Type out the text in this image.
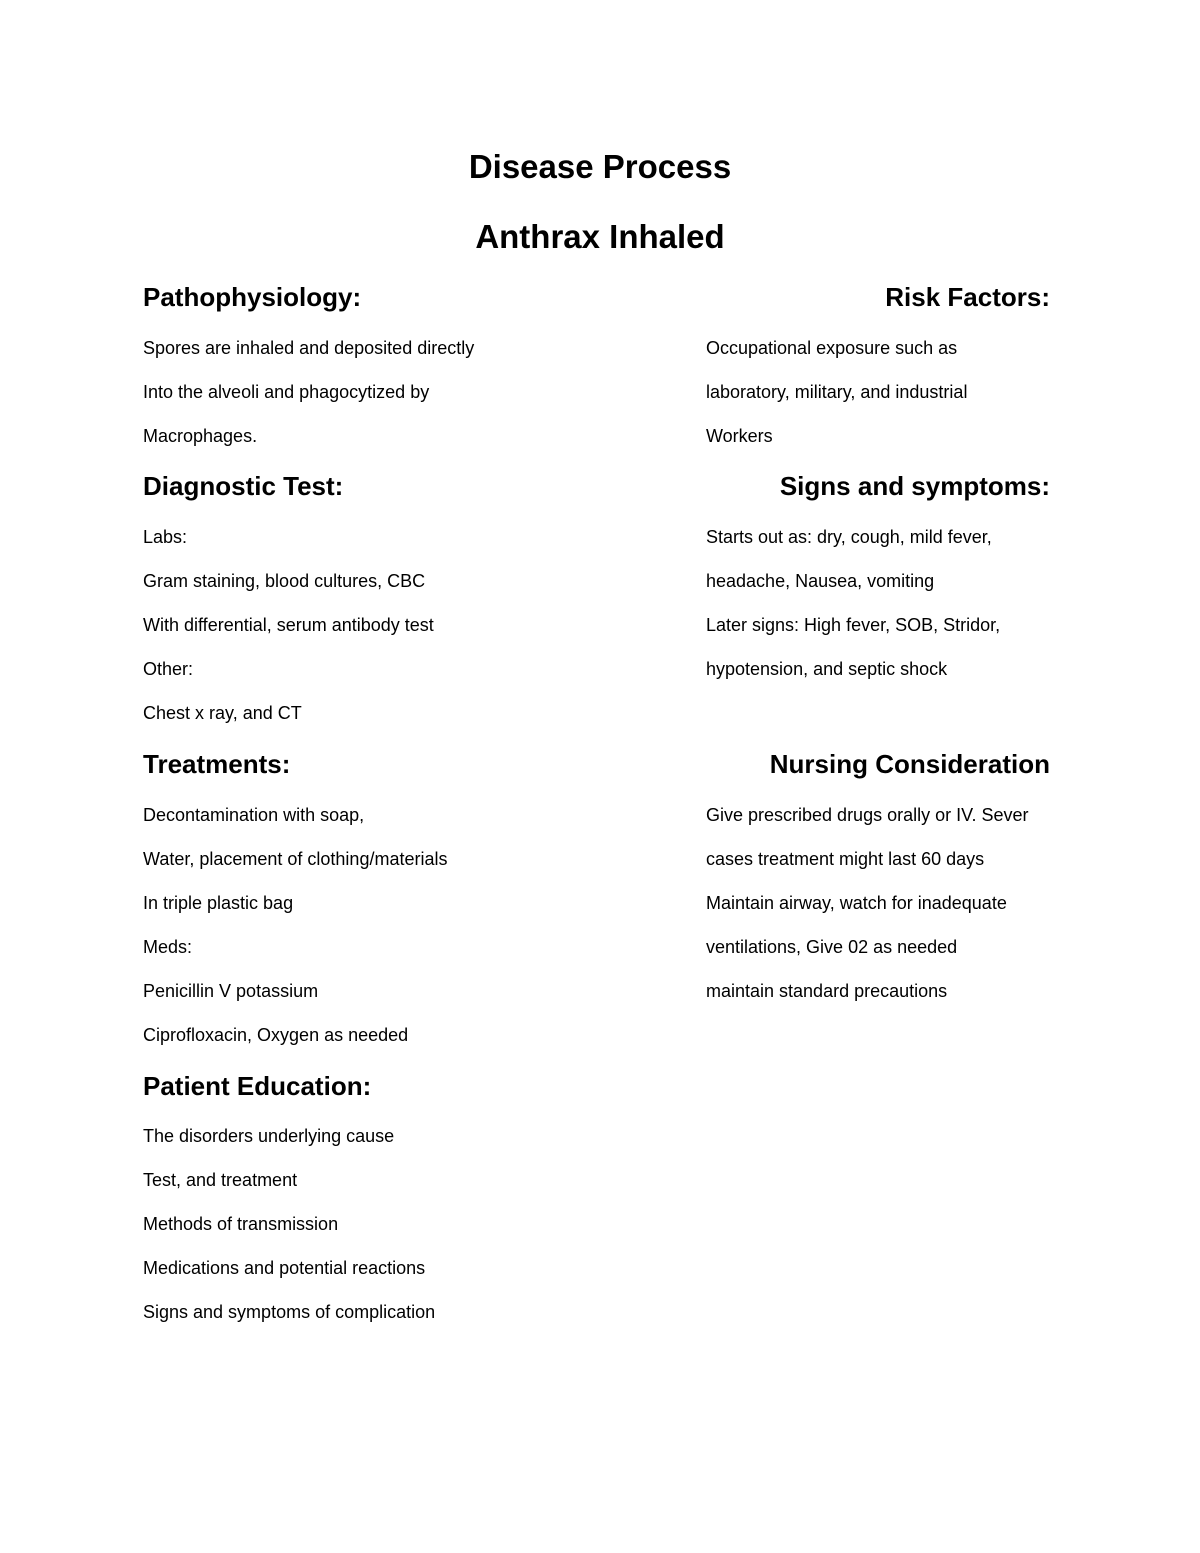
Disease Process
Anthrax Inhaled
Pathophysiology:
Spores are inhaled and deposited directly
Into the alveoli and phagocytized by
Macrophages.
Risk Factors:
Occupational exposure such as
laboratory, military, and industrial
Workers
Diagnostic Test:
Labs:
Gram staining, blood cultures, CBC
With differential, serum antibody test
Other:
Chest x ray, and CT
Signs and symptoms:
Starts out as: dry, cough, mild fever,
headache, Nausea, vomiting
Later signs: High fever, SOB, Stridor,
hypotension, and septic shock
Treatments:
Decontamination with soap,
Water, placement of clothing/materials
In triple plastic bag
Meds:
Penicillin V potassium
Ciprofloxacin, Oxygen as needed
Nursing Consideration
Give prescribed drugs orally or IV. Sever
cases treatment might last 60 days
Maintain airway, watch for inadequate
ventilations, Give 02 as needed
maintain standard precautions
Patient Education:
The disorders underlying cause
Test, and treatment
Methods of transmission
Medications and potential reactions
Signs and symptoms of complication
